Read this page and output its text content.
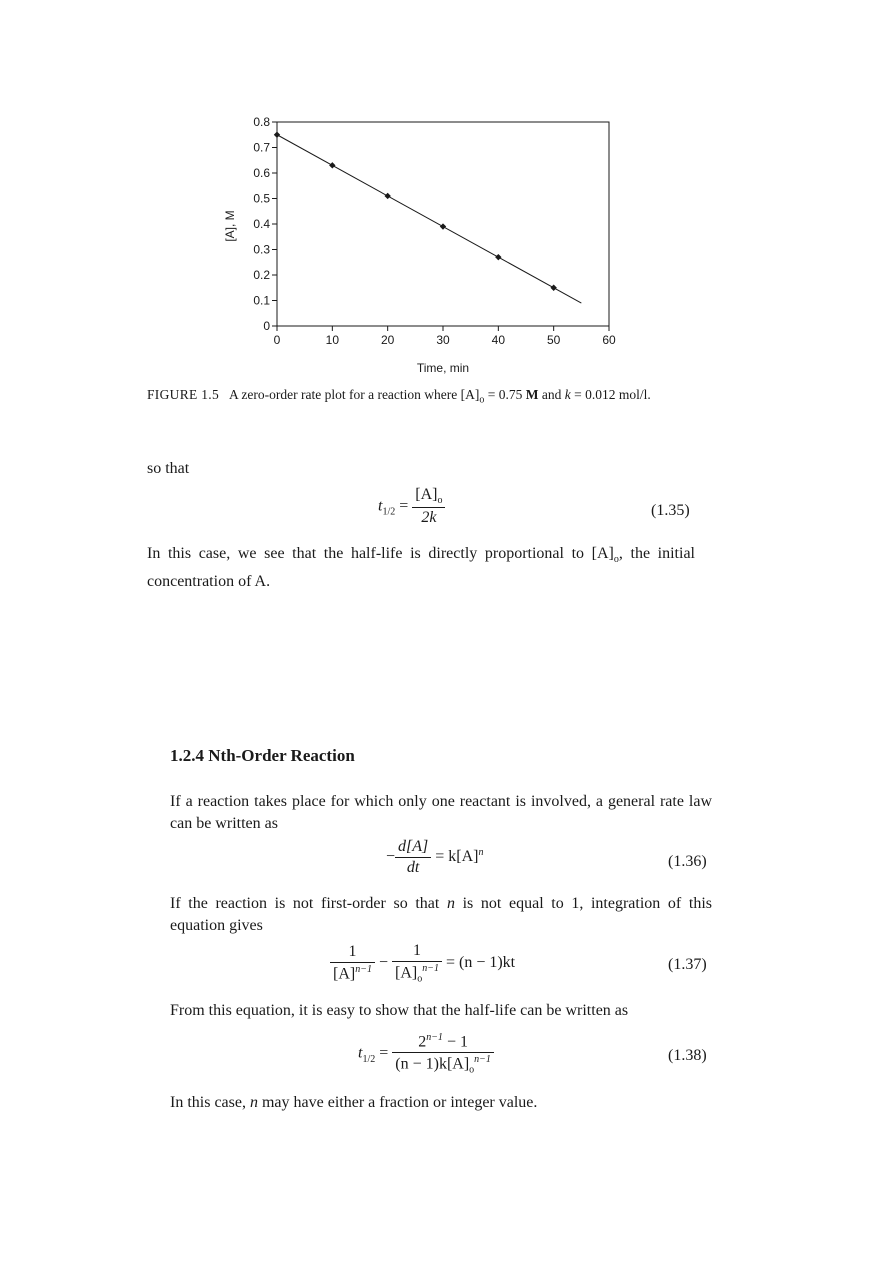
0
0.1
0.2
0.3
0.4
0.5
0.6
0.7
0.8
0	10	20	30	40	50	60
Time, min
[A], M
FIGURE 1.5 A zero-order rate plot for a reaction where $[A]_o = 0.75$ M and k = 0.012 mol/l.
so that
$t_{1/2} = \frac{[A]_o}{2k}$	(1.35)
In this case, we see that the half-life is directly proportional to $[A]_o$, the initial concentration of A.
1.2.4 Nth-Order Reaction
If a reaction takes place for which only one reactant is involved, a general rate law can be written as
− $\frac{d[A]}{dt} = k[A]^n$
(1.36)
If the reaction is not first-order so that n is not equal to 1, integration of this equation gives
$\frac{1}{[A]^{n-1}} - \frac{1}{[A]_o^{n-1}} = (n - 1)kt$	(1.37)
From this equation, it is easy to show that the half-life can be written as
$t_{1/2} = \frac{2^{n-1} - 1}{(n - 1)k[A]_o^{n-1}}$	(1.38)
In this case, n may have either a fraction or integer value.
